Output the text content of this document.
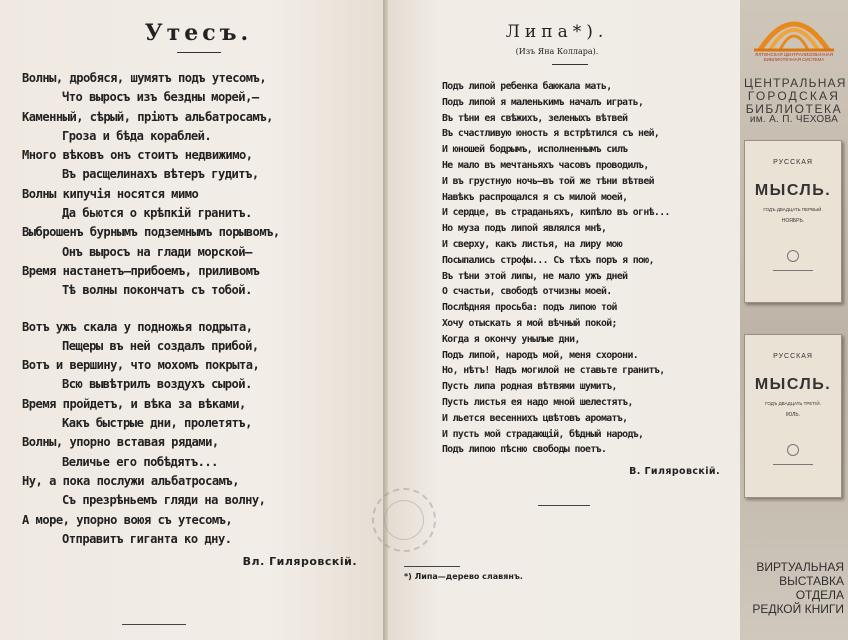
Утесъ.
Волны, дробяся, шумятъ подъ утесомъ,
Что выросъ изъ бездны морей,—
Каменный, сѣрый, пріютъ альбатросамъ,
Гроза и бѣда кораблей.
Много вѣковъ онъ стоитъ недвижимо,
Въ расщелинахъ вѣтеръ гудитъ,
Волны кипучія носятся мимо
Да бьются о крѣпкій гранитъ.
Выброшенъ бурнымъ подземнымъ порывомъ,
Онъ выросъ на глади морской—
Время настанетъ—прибоемъ, приливомъ
Тѣ волны покончатъ съ тобой.
Вотъ ужъ скала у подножья подрыта,
Пещеры въ ней создалъ прибой,
Вотъ и вершину, что мохомъ покрыта,
Всю вывѣтрилъ воздухъ сырой.
Время пройдетъ, и вѣка за вѣками,
Какъ быстрые дни, пролетятъ,
Волны, упорно вставая рядами,
Величье его побѣдятъ...
Ну, а пока послужи альбатросамъ,
Съ презрѣньемъ гляди на волну,
А море, упорно воюя съ утесомъ,
Отправитъ гиганта ко дну.
Вл. Гиляровскій.
Липа*).
(Изъ Яна Коллара).
Подъ липой ребенка баюкала мать,
Подъ липой я маленькимъ началъ играть,
Въ тѣни ея свѣжихъ, зеленыхъ вѣтвей
Въ счастливую юность я встрѣтился съ ней,
И юношей бодрымъ, исполненнымъ силъ
Не мало въ мечтаньяхъ часовъ проводилъ,
И въ грустную ночь—въ той же тѣни вѣтвей
Навѣкъ распрощался я съ милой моей,
И сердце, въ страданьяхъ, кипѣло въ огнѣ...
Но муза подъ липой являлся мнѣ,
И сверху, какъ листья, на лиру мою
Посыпались строфы... Съ тѣхъ поръ я пою,
Въ тѣни этой липы, не мало ужъ дней
О счастьи, свободѣ отчизны моей.
Послѣдняя просьба: подъ липою той
Хочу отыскать я мой вѣчный покой;
Когда я окончу унылые дни,
Подъ липой, народъ мой, меня схорони.
Но, нѣтъ! Надъ могилой не ставьте гранитъ,
Пусть липа родная вѣтвями шумитъ,
Пусть листья ея надо мной шелестятъ,
И льется весеннихъ цвѣтовъ ароматъ,
И пусть мой страдающій, бѣдный народъ,
Подъ липою пѣсню свободы поетъ.
В. Гиляровскій.
*) Липа—дерево славянъ.
ЯЛТИНСКАЯ ЦЕНТРАЛИЗОВАННАЯ БИБЛИОТЕЧНАЯ СИСТЕМА
ЦЕНТРАЛЬНАЯ
ГОРОДСКАЯ
БИБЛИОТЕКА
им. А. П. ЧЕХОВА
РУССКАЯ
МЫСЛЬ.
ГОДЪ ДВАДЦАТЬ ПЕРВЫЙ.
НОЯБРЬ.
РУССКАЯ
МЫСЛЬ.
ГОДЪ ДВАДЦАТЬ ТРЕТІЙ.
ІЮЛЬ.
ВИРТУАЛЬНАЯ
ВЫСТАВКА
ОТДЕЛА
РЕДКОЙ КНИГИ
